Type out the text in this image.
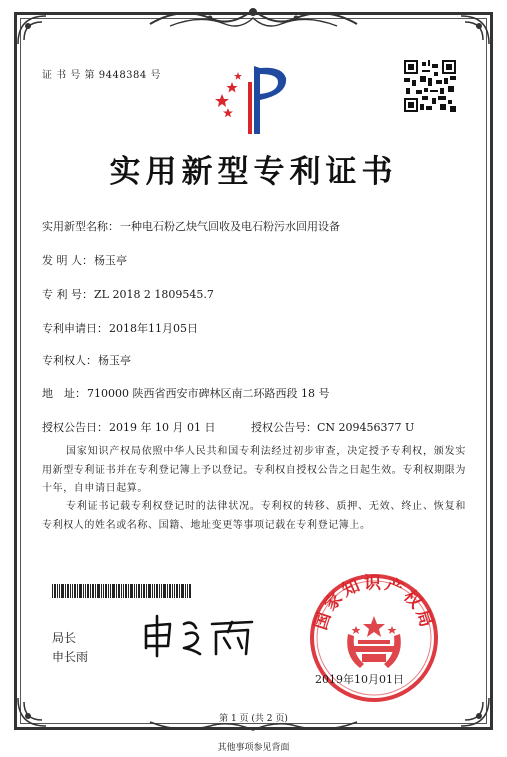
证 书 号 第 9448384 号
实用新型专利证书
实用新型名称：一种电石粉乙炔气回收及电石粉污水回用设备
发 明 人：杨玉亭
专 利 号：ZL 2018 2 1809545.7
专利申请日：2018年11月05日
专利权人：杨玉亭
地　址：710000 陕西省西安市碑林区南二环路西段 18 号
授权公告日：2019 年 10 月 01 日	授权公告号：CN 209456377 U
国家知识产权局依照中华人民共和国专利法经过初步审查，决定授予专利权，颁发实用新型专利证书并在专利登记簿上予以登记。专利权自授权公告之日起生效。专利权期限为十年，自申请日起算。
专利证书记载专利权登记时的法律状况。专利权的转移、质押、无效、终止、恢复和专利权人的姓名或名称、国籍、地址变更等事项记载在专利登记簿上。
局长
申长雨
国家知识产权局
2019年10月01日
第 1 页 (共 2 页)
其他事项参见背面
